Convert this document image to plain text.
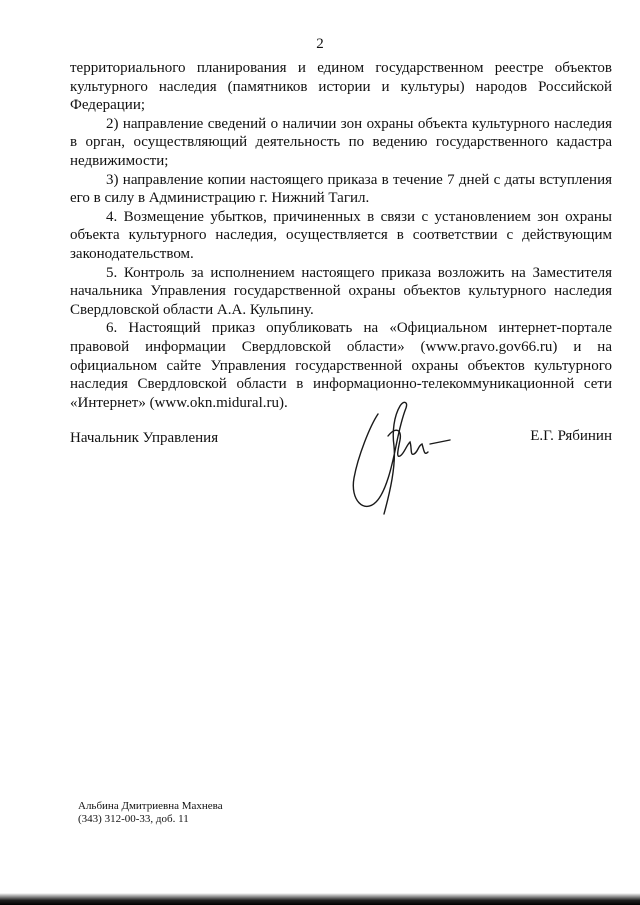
2

территориального планирования и едином государственном реестре объектов культурного наследия (памятников истории и культуры) народов Российской Федерации;

2) направление сведений о наличии зон охраны объекта культурного наследия в орган, осуществляющий деятельность по ведению государственного кадастра недвижимости;

3) направление копии настоящего приказа в течение 7 дней с даты вступления его в силу в Администрацию г. Нижний Тагил.

4. Возмещение убытков, причиненных в связи с установлением зон охраны объекта культурного наследия, осуществляется в соответствии с действующим законодательством.

5. Контроль за исполнением настоящего приказа возложить на Заместителя начальника Управления государственной охраны объектов культурного наследия Свердловской области А.А. Кульпину.

6. Настоящий приказ опубликовать на «Официальном интернет-портале правовой информации Свердловской области» (www.pravo.gov66.ru) и на официальном сайте Управления государственной охраны объектов культурного наследия Свердловской области в информационно-телекоммуникационной сети «Интернет» (www.okn.midural.ru).

Начальник Управления	Е.Г. Рябинин
Альбина Дмитриевна Махнева
(343) 312-00-33, доб. 11
